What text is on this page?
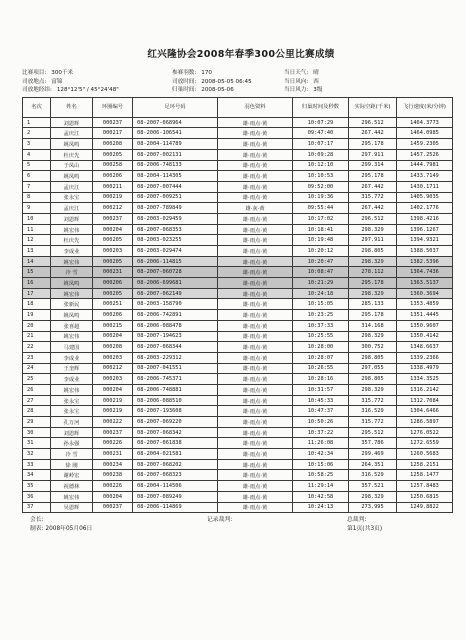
红兴隆协会2008年春季300公里比赛成绩
比赛项目: 300千米	参赛羽数: 170	当日天气: 晴
司放地点: 富锦	司放时间: 2008-05-05 06:45	当日风向: 西
司放地经纬: 128°12'5" / 45°24'48"	归巢时间: 2008-05-06	当日风力: 3级
名次	姓名	环圈编号	足环号码	羽色资料	归巢时间及秒数	实际空距(千米)	飞行速度(米/分钟)
1	刘恩辉	000237	08-2007-068964	雄·雨点·黄	10:07:29	296.512	1464.3773
2	孟庆江	000217	08-2006-106541	雄·雨点·黄	09:47:40	267.442	1464.0985
3	姚凤鸣	000208	08-2004-114789	雄·雨点·黄	10:07:17	295.178	1459.2305
4	杜庆先	000205	08-2007-002131	雄·雨点·黄	10:09:28	297.911	1457.2526
5	于凤山	000258	08-2006-748133	雄·雨点·黄	10:12:10	299.314	1444.7981
6	姚凤鸣	000206	08-2004-114305	雄·雨点·黄	10:10:53	295.178	1433.7149
7	孟庆江	000211	08-2007-007444	雄·雨点·黄	09:52:00	267.442	1430.1711
8	张永宝	000219	08-2007-009251	雄·雨点·黄	10:19:36	315.772	1405.9035
9	孟庆江	000212	08-2007-789849	雄·灰·黄	09:55:44	267.442	1402.1776
10	刘恩辉	000237	08-2003-029459	雄·雨点·黄	10:17:02	296.512	1398.4216
11	姚宏伟	000204	08-2007-068353	雄·雨点·黄	10:18:41	298.329	1396.1267
12	杜庆先	000205	08-2003-023255	雄·雨点·黄	10:19:48	297.911	1394.9321
13	李成业	000203	08-2003-029474	雄·雨点·黄	10:20:12	298.805	1388.5037
14	姚宏伟	000205	08-2006-114815	雄·雨点·黄	10:20:47	298.329	1382.5396
15	冷 雪	000231	08-2007-060728	雄·雨点·黄	10:08:47	278.112	1364.7436
16	姚凤鸣	000206	08-2006-699681	雄·雨点·黄	10:21:29	295.178	1363.5137
17	姚宏伟	000205	08-2007-062149	雄·雨点·黄	10:24:18	298.329	1360.3694
18	张新民	000251	08-2003-158790	雄·雨点·黄	10:15:05	285.133	1353.4859
19	姚凤鸣	000206	08-2006-742891	雄·雨点·黄	10:23:25	295.178	1351.4445
20	张喜超	000215	08-2006-088478	雄·雨点·黄	10:37:33	314.168	1350.9607
21	姚宏伟	000204	08-2007-194623	雄·雨点·黄	10:25:55	298.329	1350.4142
22	马建国	000208	08-2007-068344	雄·雨点·黄	10:28:00	300.752	1348.6637
23	李成业	000203	08-2003-229312	雄·雨点·黄	10:28:07	298.805	1339.2366
24	王奎辉	000212	08-2007-041551	雄·雨点·黄	10:26:55	297.055	1338.4979
25	李成业	000203	08-2006-745371	雄·雨点·黄	10:28:16	298.805	1334.3525
26	姚宏伟	000204	08-2006-748881	雄·雨点·黄	10:31:57	298.329	1316.2142
27	张永宝	000219	08-2006-088510	雄·雨点·黄	10:45:33	315.772	1312.7084
28	张永宝	000219	08-2007-193608	雄·雨点·黄	10:47:37	316.529	1304.6466
29	孔万河	000222	08-2007-069220	雄·雨点·黄	10:50:26	315.772	1286.5897
30	刘恩辉	000237	08-2007-068342	雄·雨点·黄	10:37:22	295.512	1276.0522
31	孙永强	000226	08-2007-061838	雄·雨点·黄	11:26:08	357.786	1272.6559
32	冷 雪	000231	08-2004-021581	雄·雨点·黄	10:42:34	299.469	1260.5683
33	徐 刚	000234	08-2007-068202	雄·雨点·黄	10:15:06	264.351	1258.2151
34	谢岭宏	000238	08-2007-068323	雄·雨点·黄	10:58:25	316.529	1258.1477
35	祝德林	000226	08-2004-114506	雄·雨点·黄	11:29:14	357.521	1257.8483
36	姚宏伟	000204	08-2007-089249	雄·雨点·黄	10:42:58	298.329	1250.6815
37	吴恩辉	000237	08-2006-114869	雄·雨点·黄	10:24:13	273.995	1249.8822
会长:	记录裁判:	总裁判:
制表: 2008年05月06日	第1页(共3页)
